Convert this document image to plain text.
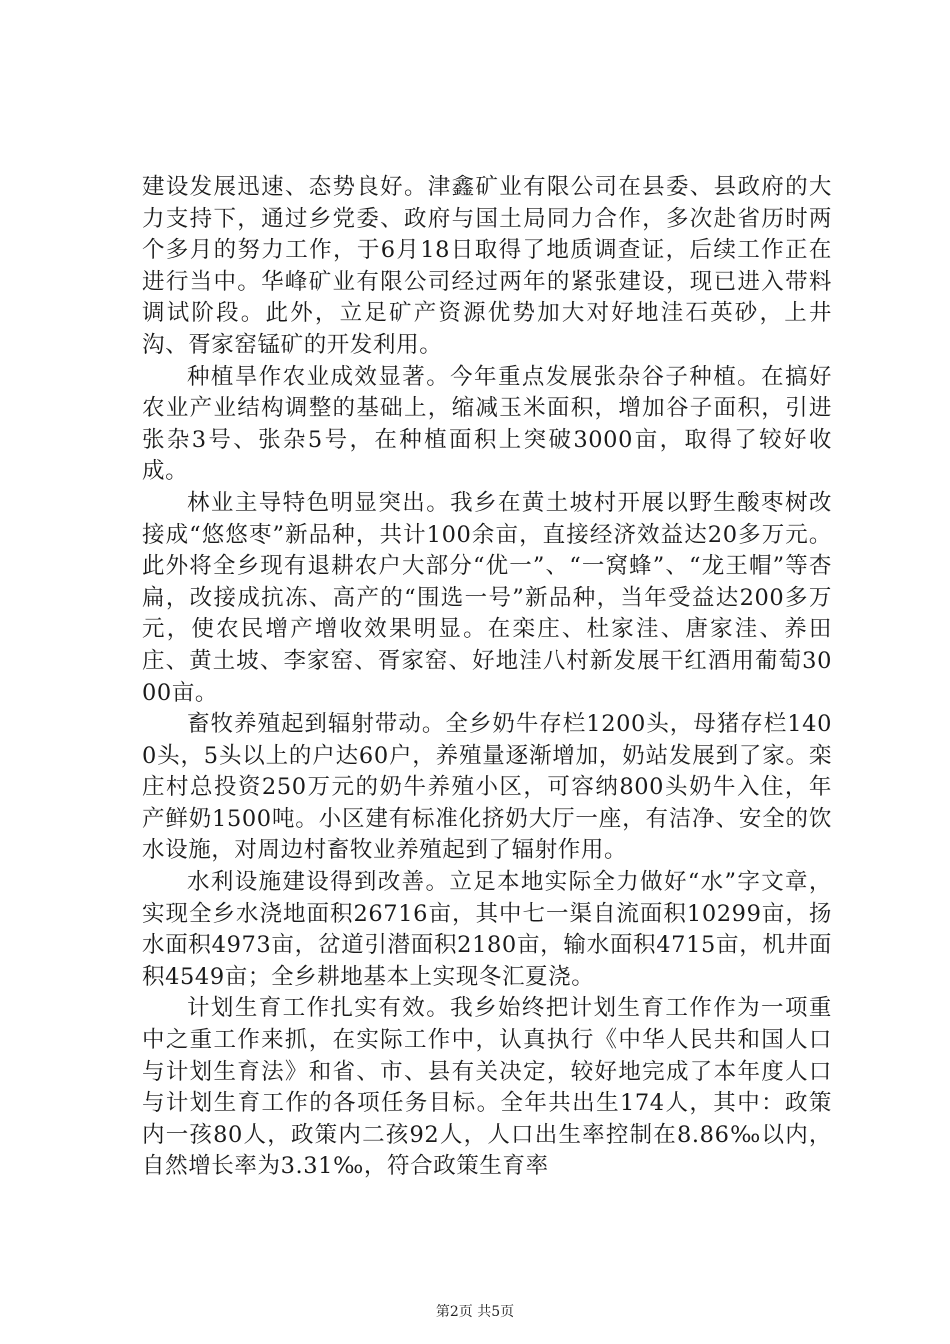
建设发展迅速、态势良好。津鑫矿业有限公司在县委、县政府的大力支持下，通过乡党委、政府与国土局同力合作，多次赴省历时两个多月的努力工作，于6月18日取得了地质调查证，后续工作正在进行当中。华峰矿业有限公司经过两年的紧张建设，现已进入带料调试阶段。此外，立足矿产资源优势加大对好地洼石英砂，上井沟、胥家窑锰矿的开发利用。

种植旱作农业成效显著。今年重点发展张杂谷子种植。在搞好农业产业结构调整的基础上，缩减玉米面积，增加谷子面积，引进张杂3号、张杂5号，在种植面积上突破3000亩，取得了较好收成。

林业主导特色明显突出。我乡在黄土坡村开展以野生酸枣树改接成“悠悠枣”新品种，共计100余亩，直接经济效益达20多万元。此外将全乡现有退耕农户大部分“优一”、“一窝蜂”、“龙王帽”等杏扁，改接成抗冻、高产的“围选一号”新品种，当年受益达200多万元，使农民增产增收效果明显。在栾庄、杜家洼、唐家洼、养田庄、黄土坡、李家窑、胥家窑、好地洼八村新发展干红酒用葡萄3000亩。

畜牧养殖起到辐射带动。全乡奶牛存栏1200头，母猪存栏1400头，5头以上的户达60户，养殖量逐渐增加，奶站发展到了家。栾庄村总投资250万元的奶牛养殖小区，可容纳800头奶牛入住，年产鲜奶1500吨。小区建有标准化挤奶大厅一座，有洁净、安全的饮水设施，对周边村畜牧业养殖起到了辐射作用。

水利设施建设得到改善。立足本地实际全力做好“水”字文章，实现全乡水浇地面积26716亩，其中七一渠自流面积10299亩，扬水面积4973亩，岔道引潜面积2180亩，输水面积4715亩，机井面积4549亩；全乡耕地基本上实现冬汇夏浇。

计划生育工作扎实有效。我乡始终把计划生育工作作为一项重中之重工作来抓，在实际工作中，认真执行《中华人民共和国人口与计划生育法》和省、市、县有关决定，较好地完成了本年度人口与计划生育工作的各项任务目标。全年共出生174人，其中：政策内一孩80人，政策内二孩92人，人口出生率控制在8.86‰以内，自然增长率为3.31‰，符合政策生育率

第2页 共5页
